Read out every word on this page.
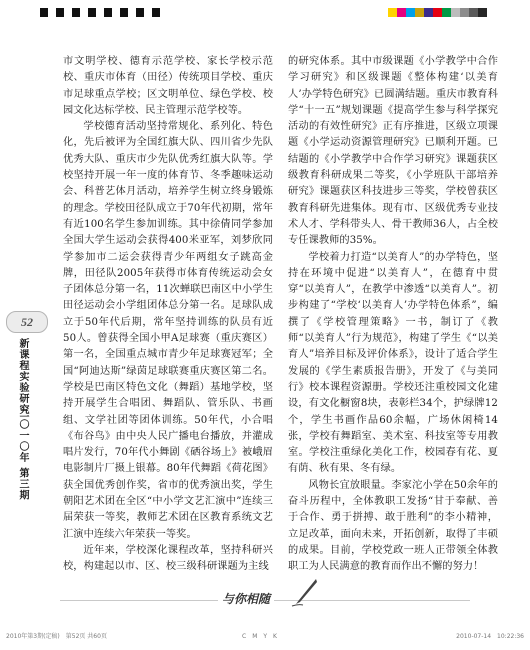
52
新课程实验研究
二〇一〇年 第三期

市文明学校、德育示范学校、家长学校示范校、重庆市体育（田径）传统项目学校、重庆市足球重点学校；区文明单位、绿色学校、校园文化达标学校、民主管理示范学校等。

学校德育活动坚持常规化、系列化、特色化，先后被评为全国红旗大队、四川省少先队优秀大队、重庆市少先队优秀红旗大队等。学校坚持开展一年一度的体育节、冬季趣味运动会、科普艺体月活动，培养学生树立终身锻炼的理念。学校田径队成立于70年代初期，常年有近100名学生参加训练。其中徐倩同学参加全国大学生运动会获得400米亚军，刘梦欣同学参加市二运会获得青少年两组女子跳高金牌，田径队2005年获得市体育传统运动会女子团体总分第一名，11次蝉联巴南区中小学生田径运动会小学组团体总分第一名。足球队成立于50年代后期，常年坚持训练的队员有近50人。曾获得全国小甲A足球赛（重庆赛区）第一名，全国重点城市青少年足球赛冠军；全国“阿迪达斯”绿茵足球联赛重庆赛区第二名。学校是巴南区特色文化（舞蹈）基地学校，坚持开展学生合唱团、舞蹈队、管乐队、书画组、文学社团等团体训练。50年代，小合唱《布谷鸟》由中央人民广播电台播放，并灌成唱片发行，70年代小舞剧《硒谷场上》被峨眉电影制片厂摄上银幕。80年代舞蹈《荷花图》获全国优秀创作奖，省市的优秀演出奖，学生朝阳艺术团在全区“中小学文艺汇演中”连续三届荣获一等奖，教师艺术团在区教育系统文艺汇演中连续六年荣获一等奖。

近年来，学校深化课程改革，坚持科研兴校，构建起以市、区、校三级科研课题为主线

的研究体系。其中市级课题《小学教学中合作学习研究》和区级课题《整体构建‘以美育人’办学特色研究》已圆满结题。重庆市教育科学“十一五”规划课题《提高学生参与科学探究活动的有效性研究》正有序推进，区级立项课题《小学运动资源管理研究》已顺利开题。已结题的《小学教学中合作学习研究》课题获区级教育科研成果二等奖，《小学班队干部培养研究》课题获区科技进步三等奖，学校曾获区教育科研先进集体。现有市、区级优秀专业技术人才、学科带头人、骨干教师36人，占全校专任课教师的35%。

学校着力打造“以美育人”的办学特色，坚持在环境中促进“以美育人”，在德育中贯穿“以美育人”，在教学中渗透“以美育人”。初步构建了“学校‘以美育人’办学特色体系”，编撰了《学校管理策略》一书，制订了《教师“以美育人”行为规范》，构建了学生《“以美育人”培养目标及评价体系》，设计了适合学生发展的《学生素质报告册》，开发了《与美同行》校本课程资源册。学校还注重校园文化建设，有文化橱窗8块，表彰栏34个，护绿牌12个，学生书画作品60余幅，广场休闲椅14张，学校有舞蹈室、美术室、科技室等专用教室。学校注重绿化美化工作，校园春有花、夏有荫、秋有果、冬有绿。

风物长宜放眼量。李家沱小学在50余年的奋斗历程中，全体教职工发扬“甘于奉献、善于合作、勇于拼搏、敢于胜利”的李小精神，立足改革，面向未来，开拓创新，取得了丰硕的成果。目前，学校党政一班人正带领全体教职工为人民满意的教育而作出不懈的努力！

与你相随
2010年第3期(定稿)　第52页 共60页	C　M　Y　K	2010-07-14　10:22:36
